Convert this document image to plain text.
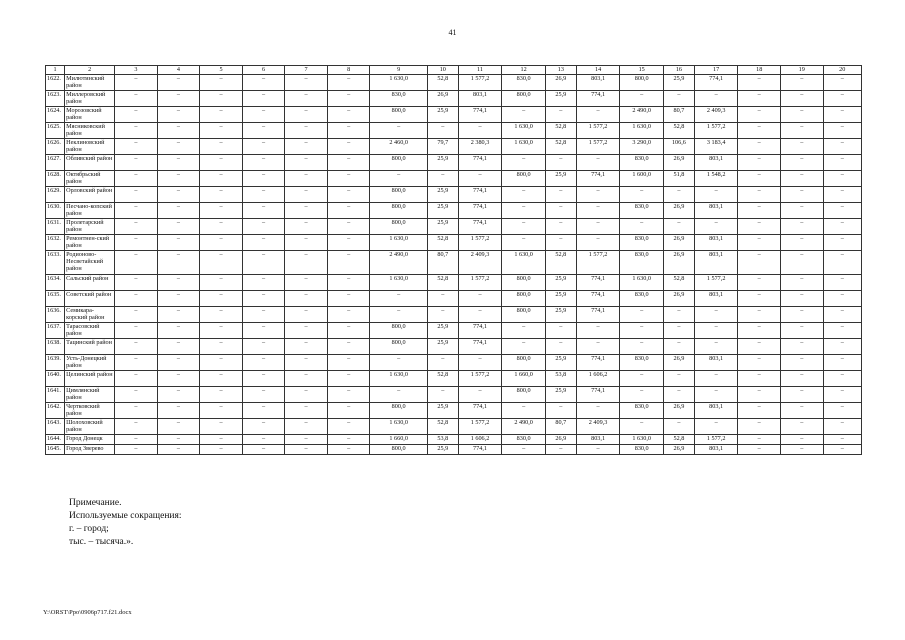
41
1	2	3	4	5	6	7	8	9	10	11	12	13	14	15	16	17	18	19	20
1622.	Милютинский район	–	–	–	–	–	–	1 630,0	52,8	1 577,2	830,0	26,9	803,1	800,0	25,9	774,1	–	–	–
1623.	Миллеровский район	–	–	–	–	–	–	830,0	26,9	803,1	800,0	25,9	774,1	–	–	–	–	–	–
1624.	Морозовский район	–	–	–	–	–	–	800,0	25,9	774,1	–	–	–	2 490,0	80,7	2 409,3	–	–	–
1625.	Мясниковский район	–	–	–	–	–	–	–	–	–	1 630,0	52,8	1 577,2	1 630,0	52,8	1 577,2	–	–	–
1626.	Неклиновский район	–	–	–	–	–	–	2 460,0	79,7	2 380,3	1 630,0	52,8	1 577,2	3 290,0	106,6	3 183,4	–	–	–
1627.	Обливский район	–	–	–	–	–	–	800,0	25,9	774,1	–	–	–	830,0	26,9	803,1	–	–	–
1628.	Октябрьский район	–	–	–	–	–	–	–	–	–	800,0	25,9	774,1	1 600,0	51,8	1 548,2	–	–	–
1629.	Орловский район	–	–	–	–	–	–	800,0	25,9	774,1	–	–	–	–	–	–	–	–	–
1630.	Песчано-копский район	–	–	–	–	–	–	800,0	25,9	774,1	–	–	–	830,0	26,9	803,1	–	–	–
1631.	Пролетарский район	–	–	–	–	–	–	800,0	25,9	774,1	–	–	–	–	–	–	–	–	–
1632.	Ремонтнен-ский район	–	–	–	–	–	–	1 630,0	52,8	1 577,2	–	–	–	830,0	26,9	803,1	–	–	–
1633.	Родионово-Несветайский район	–	–	–	–	–	–	2 490,0	80,7	2 409,3	1 630,0	52,8	1 577,2	830,0	26,9	803,1	–	–	–
1634.	Сальский район	–	–	–	–	–	–	1 630,0	52,8	1 577,2	800,0	25,9	774,1	1 630,0	52,8	1 577,2	–	–	–
1635.	Советский район	–	–	–	–	–	–	–	–	–	800,0	25,9	774,1	830,0	26,9	803,1	–	–	–
1636.	Семикарa-корский район	–	–	–	–	–	–	–	–	–	800,0	25,9	774,1	–	–	–	–	–	–
1637.	Тарасовский район	–	–	–	–	–	–	800,0	25,9	774,1	–	–	–	–	–	–	–	–	–
1638.	Тацинский район	–	–	–	–	–	–	800,0	25,9	774,1	–	–	–	–	–	–	–	–	–
1639.	Усть-Донецкий район	–	–	–	–	–	–	–	–	–	800,0	25,9	774,1	830,0	26,9	803,1	–	–	–
1640.	Целинский район	–	–	–	–	–	–	1 630,0	52,8	1 577,2	1 660,0	53,8	1 606,2	–	–	–	–	–	–
1641.	Цимлянский район	–	–	–	–	–	–	–	–	–	800,0	25,9	774,1	–	–	–	–	–	–
1642.	Чертковский район	–	–	–	–	–	–	800,0	25,9	774,1	–	–	–	830,0	26,9	803,1	–	–	–
1643.	Шолоховский район	–	–	–	–	–	–	1 630,0	52,8	1 577,2	2 490,0	80,7	2 409,3	–	–	–	–	–	–
1644.	Город Донецк	–	–	–	–	–	–	1 660,0	53,8	1 606,2	830,0	26,9	803,1	1 630,0	52,8	1 577,2	–	–	–
1645.	Город Зверево	–	–	–	–	–	–	800,0	25,9	774,1	–	–	–	830,0	26,9	803,1	–	–	–
Примечание.
Используемые сокращения:
г. – город;
тыс. – тысяча.».
Y:\ORST\Ppo\0906p717.f21.docx
